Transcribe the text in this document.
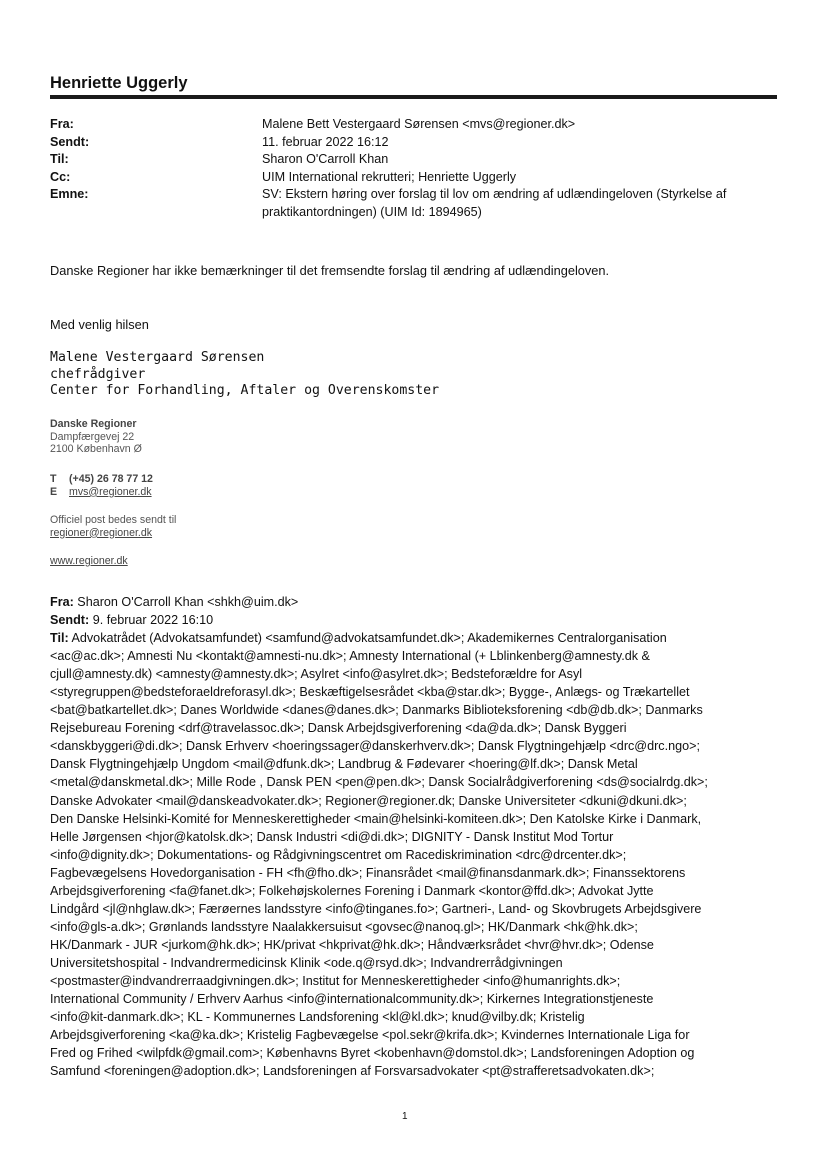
Henriette Uggerly
Fra:	Malene Bett Vestergaard Sørensen <mvs@regioner.dk>
Sendt:	11. februar 2022 16:12
Til:	Sharon O'Carroll Khan
Cc:	UIM International rekrutteri; Henriette Uggerly
Emne:	SV: Ekstern høring over forslag til lov om ændring af udlændingeloven (Styrkelse af praktikantordningen) (UIM Id: 1894965)
Danske Regioner har ikke bemærkninger til det fremsendte forslag til ændring af udlændingeloven.
Med venlig hilsen
Malene Vestergaard Sørensen
chefrådgiver
Center for Forhandling, Aftaler og Overenskomster
Danske Regioner
Dampfærgevej 22
2100 København Ø
T	(+45) 26 78 77 12
E	mvs@regioner.dk
Officiel post bedes sendt til
regioner@regioner.dk
www.regioner.dk
Fra: Sharon O'Carroll Khan <shkh@uim.dk>
Sendt: 9. februar 2022 16:10
Til: Advokatrådet (Advokatsamfundet) <samfund@advokatsamfundet.dk>; Akademikernes Centralorganisation
<ac@ac.dk>; Amnesti Nu <kontakt@amnesti-nu.dk>; Amnesty International (+ Lblinkenberg@amnesty.dk &
cjull@amnesty.dk) <amnesty@amnesty.dk>; Asylret <info@asylret.dk>; Bedsteforældre for Asyl
<styregruppen@bedsteforaeldreforasyl.dk>; Beskæftigelsesrådet <kba@star.dk>; Bygge-, Anlægs- og Trækartellet
<bat@batkartellet.dk>; Danes Worldwide <danes@danes.dk>; Danmarks Biblioteksforening <db@db.dk>; Danmarks
Rejsebureau Forening <drf@travelassoc.dk>; Dansk Arbejdsgiverforening <da@da.dk>; Dansk Byggeri
<danskbyggeri@di.dk>; Dansk Erhverv <hoeringssager@danskerhverv.dk>; Dansk Flygtningehjælp <drc@drc.ngo>;
Dansk Flygtningehjælp Ungdom <mail@dfunk.dk>; Landbrug & Fødevarer <hoering@lf.dk>; Dansk Metal
<metal@danskmetal.dk>; Mille Rode , Dansk PEN <pen@pen.dk>; Dansk Socialrådgiverforening <ds@socialrdg.dk>;
Danske Advokater <mail@danskeadvokater.dk>; Regioner@regioner.dk; Danske Universiteter <dkuni@dkuni.dk>;
Den Danske Helsinki-Komité for Menneskerettigheder <main@helsinki-komiteen.dk>; Den Katolske Kirke i Danmark,
Helle Jørgensen <hjor@katolsk.dk>; Dansk Industri <di@di.dk>; DIGNITY - Dansk Institut Mod Tortur
<info@dignity.dk>; Dokumentations- og Rådgivningscentret om Racediskrimination <drc@drcenter.dk>;
Fagbevægelsens Hovedorganisation - FH <fh@fho.dk>; Finansrådet <mail@finansdanmark.dk>; Finanssektorens
Arbejdsgiverforening <fa@fanet.dk>; Folkehøjskolernes Forening i Danmark <kontor@ffd.dk>; Advokat Jytte
Lindgård <jl@nhglaw.dk>; Færøernes landsstyre <info@tinganes.fo>; Gartneri-, Land- og Skovbrugets Arbejdsgivere
<info@gls-a.dk>; Grønlands landsstyre Naalakkersuisut <govsec@nanoq.gl>; HK/Danmark <hk@hk.dk>;
HK/Danmark - JUR <jurkom@hk.dk>; HK/privat <hkprivat@hk.dk>; Håndværksrådet <hvr@hvr.dk>; Odense
Universitetshospital - Indvandrermedicinsk Klinik <ode.q@rsyd.dk>; Indvandrerrådgivningen
<postmaster@indvandrerraadgivningen.dk>; Institut for Menneskerettigheder <info@humanrights.dk>;
International Community / Erhverv Aarhus <info@internationalcommunity.dk>; Kirkernes Integrationstjeneste
<info@kit-danmark.dk>; KL - Kommunernes Landsforening <kl@kl.dk>; knud@vilby.dk; Kristelig
Arbejdsgiverforening <ka@ka.dk>; Kristelig Fagbevægelse <pol.sekr@krifa.dk>; Kvindernes Internationale Liga for
Fred og Frihed <wilpfdk@gmail.com>; Københavns Byret <kobenhavn@domstol.dk>; Landsforeningen Adoption og
Samfund <foreningen@adoption.dk>; Landsforeningen af Forsvarsadvokater <pt@strafferetsadvokaten.dk>;
1
